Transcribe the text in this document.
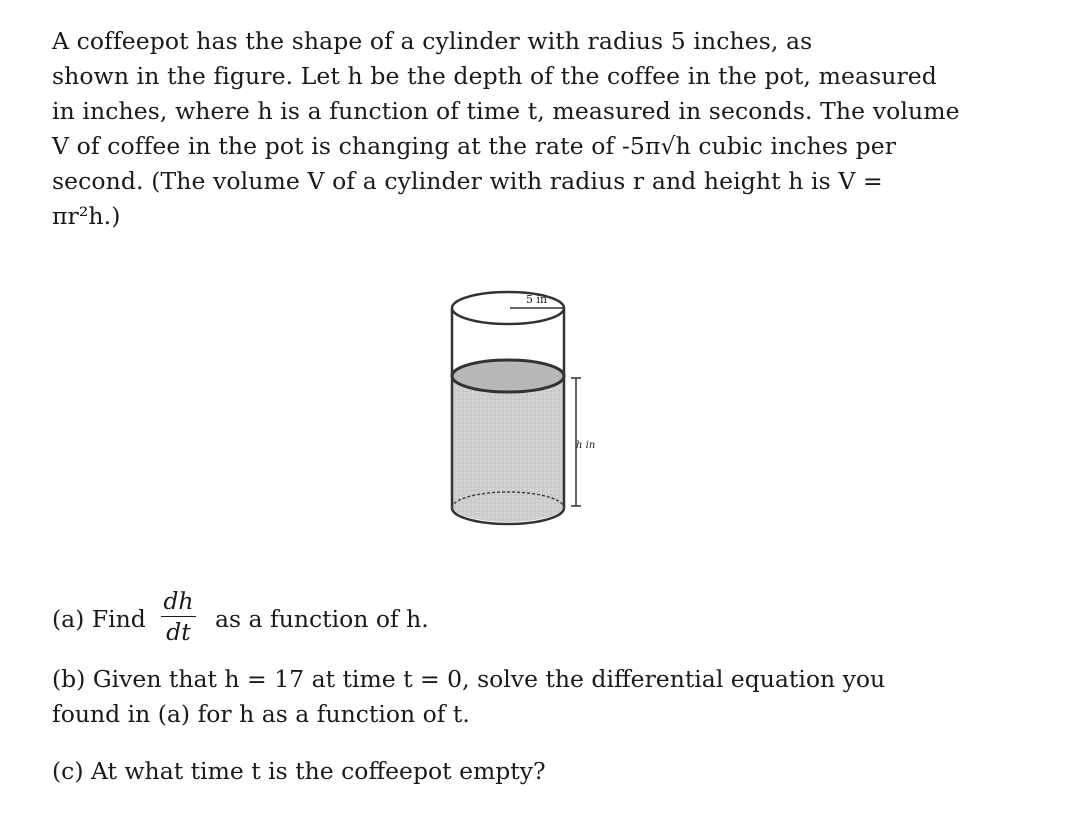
A coffeepot has the shape of a cylinder with radius 5 inches, as
shown in the figure. Let h be the depth of the coffee in the pot, measured
in inches, where h is a function of time t, measured in seconds. The volume
V of coffee in the pot is changing at the rate of -5π√h cubic inches per
second. (The volume V of a cylinder with radius r and height h is V =
πr²h.)
5 in
h in
(a) Find $\frac{dh}{dt}$ as a function of h.
(b) Given that h = 17 at time t = 0, solve the differential equation you
found in (a) for h as a function of t.
(c) At what time t is the coffeepot empty?
